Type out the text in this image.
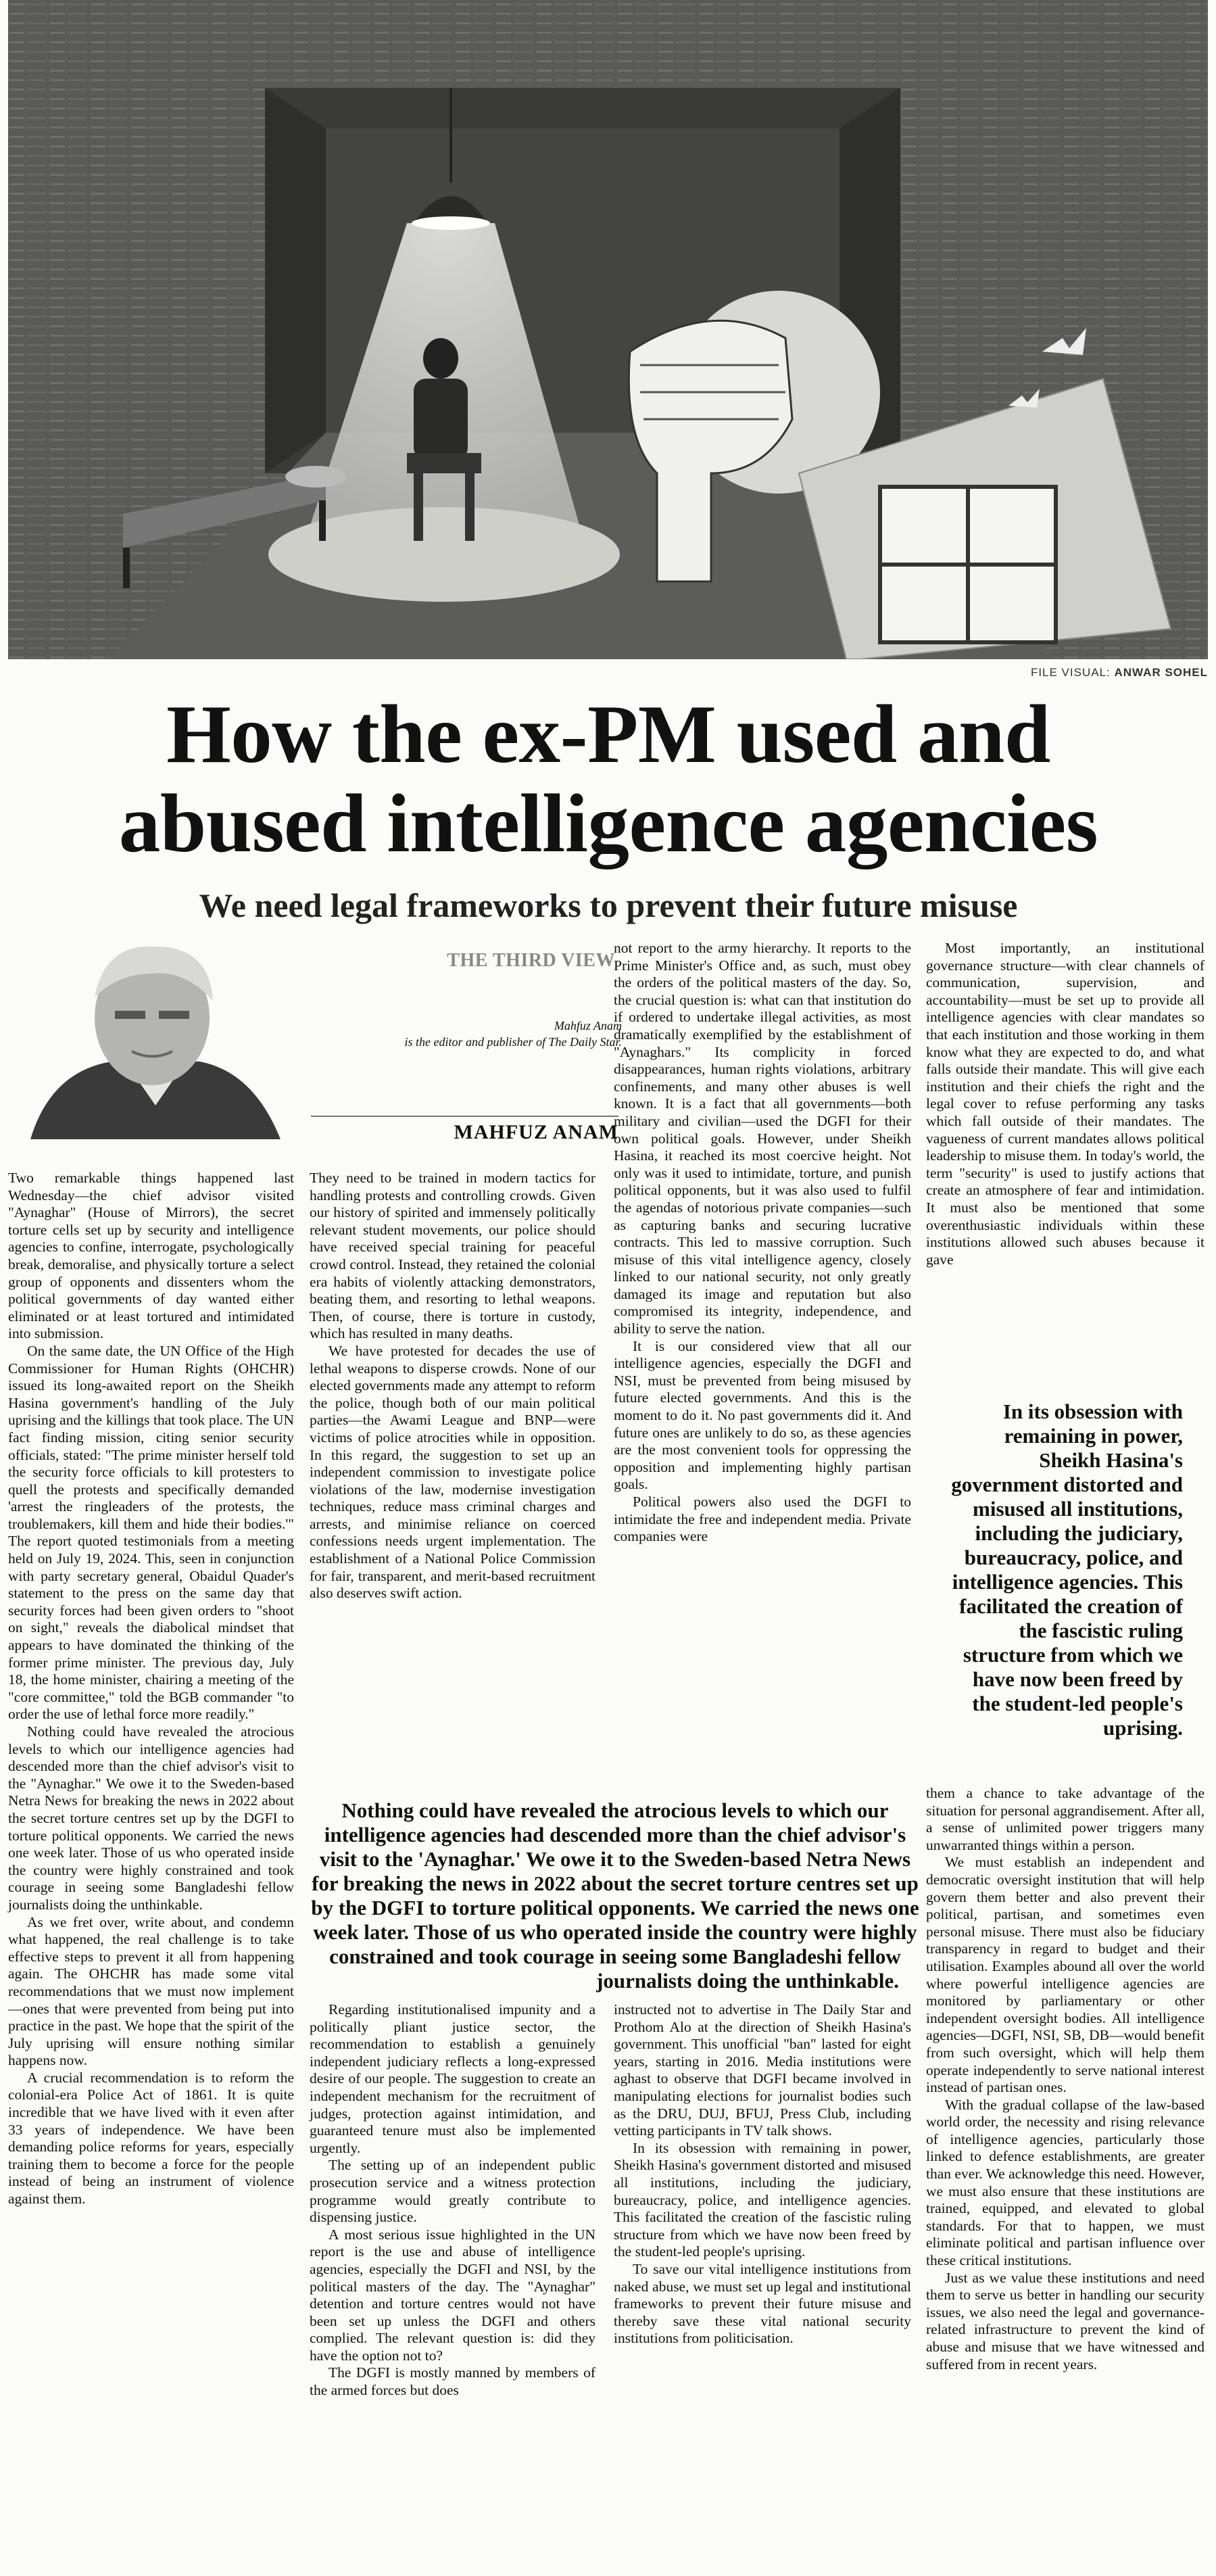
FILE VISUAL: ANWAR SOHEL
How the ex-PM used and
abused intelligence agencies
We need legal frameworks to prevent their future misuse
THE THIRD VIEW
Mahfuz Anam
is the editor and publisher of The Daily Star.
MAHFUZ ANAM

Two remarkable things happened last Wednesday—the chief advisor visited "Aynaghar" (House of Mirrors), the secret torture cells set up by security and intelligence agencies to confine, interrogate, psychologically break, demoralise, and physically torture a select group of opponents and dissenters whom the political governments of day wanted either eliminated or at least tortured and intimidated into submission.

On the same date, the UN Office of the High Commissioner for Human Rights (OHCHR) issued its long-awaited report on the Sheikh Hasina government's handling of the July uprising and the killings that took place. The UN fact finding mission, citing senior security officials, stated: "The prime minister herself told the security force officials to kill protesters to quell the protests and specifically demanded 'arrest the ringleaders of the protests, the troublemakers, kill them and hide their bodies.'" The report quoted testimonials from a meeting held on July 19, 2024. This, seen in conjunction with party secretary general, Obaidul Quader's statement to the press on the same day that security forces had been given orders to "shoot on sight," reveals the diabolical mindset that appears to have dominated the thinking of the former prime minister. The previous day, July 18, the home minister, chairing a meeting of the "core committee," told the BGB commander "to order the use of lethal force more readily."

Nothing could have revealed the atrocious levels to which our intelligence agencies had descended more than the chief advisor's visit to the "Aynaghar." We owe it to the Sweden-based Netra News for breaking the news in 2022 about the secret torture centres set up by the DGFI to torture political opponents. We carried the news one week later. Those of us who operated inside the country were highly constrained and took courage in seeing some Bangladeshi fellow journalists doing the unthinkable.

As we fret over, write about, and condemn what happened, the real challenge is to take effective steps to prevent it all from happening again. The OHCHR has made some vital recommendations that we must now implement—ones that were prevented from being put into practice in the past. We hope that the spirit of the July uprising will ensure nothing similar happens now.

A crucial recommendation is to reform the colonial-era Police Act of 1861. It is quite incredible that we have lived with it even after 33 years of independence. We have been demanding police reforms for years, especially training them to become a force for the people instead of being an instrument of violence against them.

They need to be trained in modern tactics for handling protests and controlling crowds. Given our history of spirited and immensely politically relevant student movements, our police should have received special training for peaceful crowd control. Instead, they retained the colonial era habits of violently attacking demonstrators, beating them, and resorting to lethal weapons. Then, of course, there is torture in custody, which has resulted in many deaths.

We have protested for decades the use of lethal weapons to disperse crowds. None of our elected governments made any attempt to reform the police, though both of our main political parties—the Awami League and BNP—were victims of police atrocities while in opposition. In this regard, the suggestion to set up an independent commission to investigate police violations of the law, modernise investigation techniques, reduce mass criminal charges and arrests, and minimise reliance on coerced confessions needs urgent implementation. The establishment of a National Police Commission for fair, transparent, and merit-based recruitment also deserves swift action.

not report to the army hierarchy. It reports to the Prime Minister's Office and, as such, must obey the orders of the political masters of the day. So, the crucial question is: what can that institution do if ordered to undertake illegal activities, as most dramatically exemplified by the establishment of "Aynaghars." Its complicity in forced disappearances, human rights violations, arbitrary confinements, and many other abuses is well known. It is a fact that all governments—both military and civilian—used the DGFI for their own political goals. However, under Sheikh Hasina, it reached its most coercive height. Not only was it used to intimidate, torture, and punish political opponents, but it was also used to fulfil the agendas of notorious private companies—such as capturing banks and securing lucrative contracts. This led to massive corruption. Such misuse of this vital intelligence agency, closely linked to our national security, not only greatly damaged its image and reputation but also compromised its integrity, independence, and ability to serve the nation.

It is our considered view that all our intelligence agencies, especially the DGFI and NSI, must be prevented from being misused by future elected governments. And this is the moment to do it. No past governments did it. And future ones are unlikely to do so, as these agencies are the most convenient tools for oppressing the opposition and implementing highly partisan goals.

Political powers also used the DGFI to intimidate the free and independent media. Private companies were

Most importantly, an institutional governance structure—with clear channels of communication, supervision, and accountability—must be set up to provide all intelligence agencies with clear mandates so that each institution and those working in them know what they are expected to do, and what falls outside their mandate. This will give each institution and their chiefs the right and the legal cover to refuse performing any tasks which fall outside of their mandates. The vagueness of current mandates allows political leadership to misuse them. In today's world, the term "security" is used to justify actions that create an atmosphere of fear and intimidation. It must also be mentioned that some overenthusiastic individuals within these institutions allowed such abuses because it gave

In its obsession with remaining in power, Sheikh Hasina's government distorted and misused all institutions, including the judiciary, bureaucracy, police, and intelligence agencies. This facilitated the creation of the fascistic ruling structure from which we have now been freed by the student-led people's uprising.

them a chance to take advantage of the situation for personal aggrandisement. After all, a sense of unlimited power triggers many unwarranted things within a person.

We must establish an independent and democratic oversight institution that will help govern them better and also prevent their political, partisan, and sometimes even personal misuse. There must also be fiduciary transparency in regard to budget and their utilisation. Examples abound all over the world where powerful intelligence agencies are monitored by parliamentary or other independent oversight bodies. All intelligence agencies—DGFI, NSI, SB, DB—would benefit from such oversight, which will help them operate independently to serve national interest instead of partisan ones.

With the gradual collapse of the law-based world order, the necessity and rising relevance of intelligence agencies, particularly those linked to defence establishments, are greater than ever. We acknowledge this need. However, we must also ensure that these institutions are trained, equipped, and elevated to global standards. For that to happen, we must eliminate political and partisan influence over these critical institutions.

Just as we value these institutions and need them to serve us better in handling our security issues, we also need the legal and governance-related infrastructure to prevent the kind of abuse and misuse that we have witnessed and suffered from in recent years.

Nothing could have revealed the atrocious levels to which our intelligence agencies had descended more than the chief advisor's visit to the 'Aynaghar.' We owe it to the Sweden-based Netra News for breaking the news in 2022 about the secret torture centres set up by the DGFI to torture political opponents. We carried the news one week later. Those of us who operated inside the country were highly constrained and took courage in seeing some Bangladeshi fellow
journalists doing the unthinkable.

Regarding institutionalised impunity and a politically pliant justice sector, the recommendation to establish a genuinely independent judiciary reflects a long-expressed desire of our people. The suggestion to create an independent mechanism for the recruitment of judges, protection against intimidation, and guaranteed tenure must also be implemented urgently.

The setting up of an independent public prosecution service and a witness protection programme would greatly contribute to dispensing justice.

A most serious issue highlighted in the UN report is the use and abuse of intelligence agencies, especially the DGFI and NSI, by the political masters of the day. The "Aynaghar" detention and torture centres would not have been set up unless the DGFI and others complied. The relevant question is: did they have the option not to?

The DGFI is mostly manned by members of the armed forces but does

instructed not to advertise in The Daily Star and Prothom Alo at the direction of Sheikh Hasina's government. This unofficial "ban" lasted for eight years, starting in 2016. Media institutions were aghast to observe that DGFI became involved in manipulating elections for journalist bodies such as the DRU, DUJ, BFUJ, Press Club, including vetting participants in TV talk shows.

In its obsession with remaining in power, Sheikh Hasina's government distorted and misused all institutions, including the judiciary, bureaucracy, police, and intelligence agencies. This facilitated the creation of the fascistic ruling structure from which we have now been freed by the student-led people's uprising.

To save our vital intelligence institutions from naked abuse, we must set up legal and institutional frameworks to prevent their future misuse and thereby save these vital national security institutions from politicisation.
